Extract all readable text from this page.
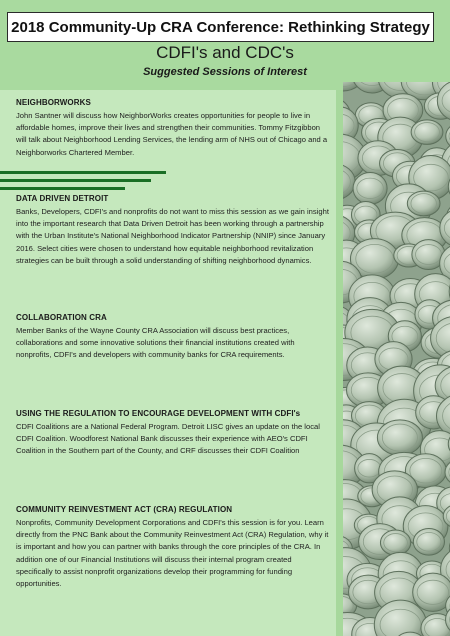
2018 Community-Up CRA Conference: Rethinking Strategy
CDFI's and CDC's
Suggested Sessions of Interest
NEIGHBORWORKS

John Santner will discuss how NeighborWorks creates opportunities for people to live in affordable homes, improve their lives and strengthen their communities. Tommy Fitzgibbon will talk about Neighborhood Lending Services, the lending arm of NHS out of Chicago and a Neighborworks Chartered Member.

DATA DRIVEN DETROIT

Banks, Developers, CDFI's and nonprofits do not want to miss this session as we gain insight into the important research that Data Driven Detroit has been working through a partnership with the Urban Institute's National Neighborhood Indicator Partnership (NNIP) since January 2016. Select cities were chosen to understand how equitable neighborhood revitalization strategies can be built through a solid understanding of shifting neighborhood dynamics.

COLLABORATION CRA

Member Banks of the Wayne County CRA Association will discuss best practices, collaborations and some innovative solutions their financial institutions created with nonprofits, CDFI's and developers with community banks for CRA requirements.

USING THE REGULATION TO ENCOURAGE DEVELOPMENT WITH CDFI's

CDFI Coalitions are a National Federal Program. Detroit LISC gives an update on the local CDFI Coalition. Woodforest National Bank discusses their experience with AEO's CDFI Coalition in the Southern part of the County, and CRF discusses their CDFI Coalition

COMMUNITY REINVESTMENT ACT (CRA) REGULATION

Nonprofits, Community Development Corporations and CDFI's this session is for you. Learn directly from the PNC Bank about the Community Reinvestment Act (CRA) Regulation, why it is important and how you can partner with banks through the core principles of the CRA. In addition one of our Financial Institutions will discuss their internal program created specifically to assist nonprofit organizations develop their programming for funding opportunities.
